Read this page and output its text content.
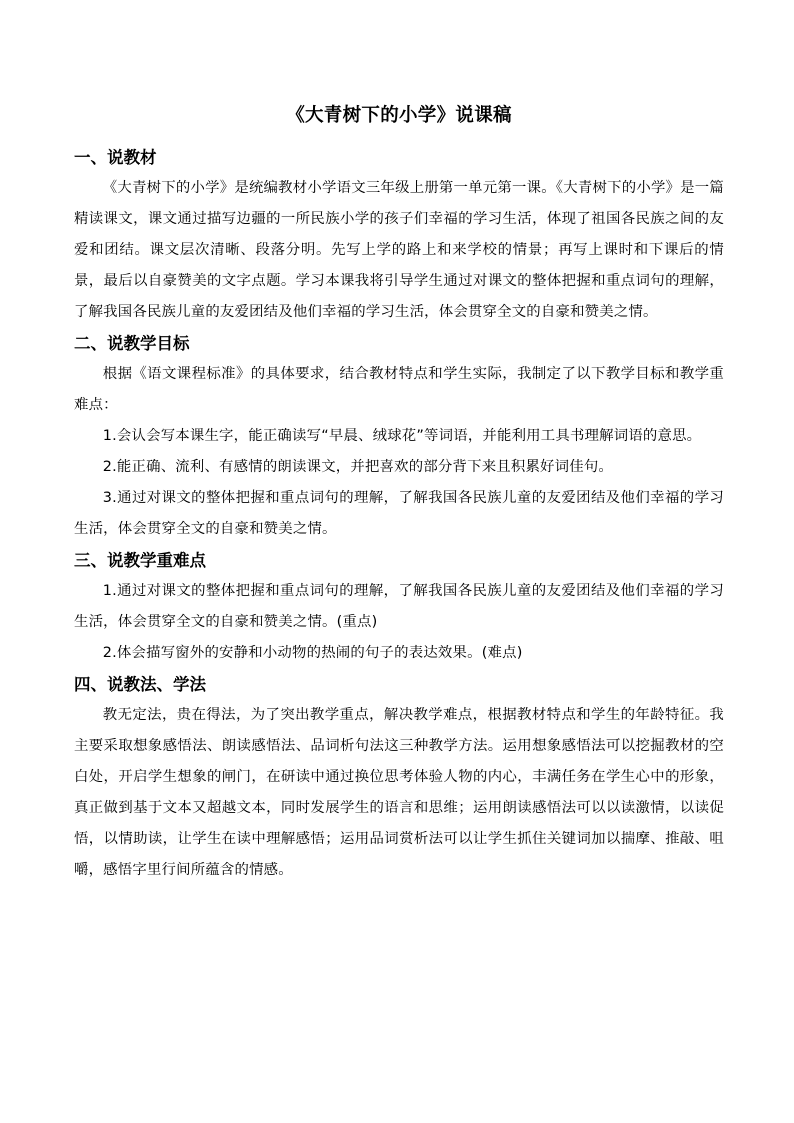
《大青树下的小学》说课稿
一、说教材

《大青树下的小学》是统编教材小学语文三年级上册第一单元第一课。《大青树下的小学》是一篇精读课文，课文通过描写边疆的一所民族小学的孩子们幸福的学习生活，体现了祖国各民族之间的友爱和团结。课文层次清晰、段落分明。先写上学的路上和来学校的情景；再写上课时和下课后的情景，最后以自豪赞美的文字点题。学习本课我将引导学生通过对课文的整体把握和重点词句的理解，了解我国各民族儿童的友爱团结及他们幸福的学习生活，体会贯穿全文的自豪和赞美之情。

二、说教学目标

根据《语文课程标准》的具体要求，结合教材特点和学生实际，我制定了以下教学目标和教学重难点：

1.会认会写本课生字，能正确读写“早晨、绒球花”等词语，并能利用工具书理解词语的意思。

2.能正确、流利、有感情的朗读课文，并把喜欢的部分背下来且积累好词佳句。

3.通过对课文的整体把握和重点词句的理解，了解我国各民族儿童的友爱团结及他们幸福的学习生活，体会贯穿全文的自豪和赞美之情。

三、说教学重难点

1.通过对课文的整体把握和重点词句的理解，了解我国各民族儿童的友爱团结及他们幸福的学习生活，体会贯穿全文的自豪和赞美之情。(重点)

2.体会描写窗外的安静和小动物的热闹的句子的表达效果。(难点)

四、说教法、学法

教无定法，贵在得法，为了突出教学重点，解决教学难点，根据教材特点和学生的年龄特征。我主要采取想象感悟法、朗读感悟法、品词析句法这三种教学方法。运用想象感悟法可以挖掘教材的空白处，开启学生想象的闸门，在研读中通过换位思考体验人物的内心，丰满任务在学生心中的形象，真正做到基于文本又超越文本，同时发展学生的语言和思维；运用朗读感悟法可以以读激情，以读促悟，以情助读，让学生在读中理解感悟；运用品词赏析法可以让学生抓住关键词加以揣摩、推敲、咀嚼，感悟字里行间所蕴含的情感。
